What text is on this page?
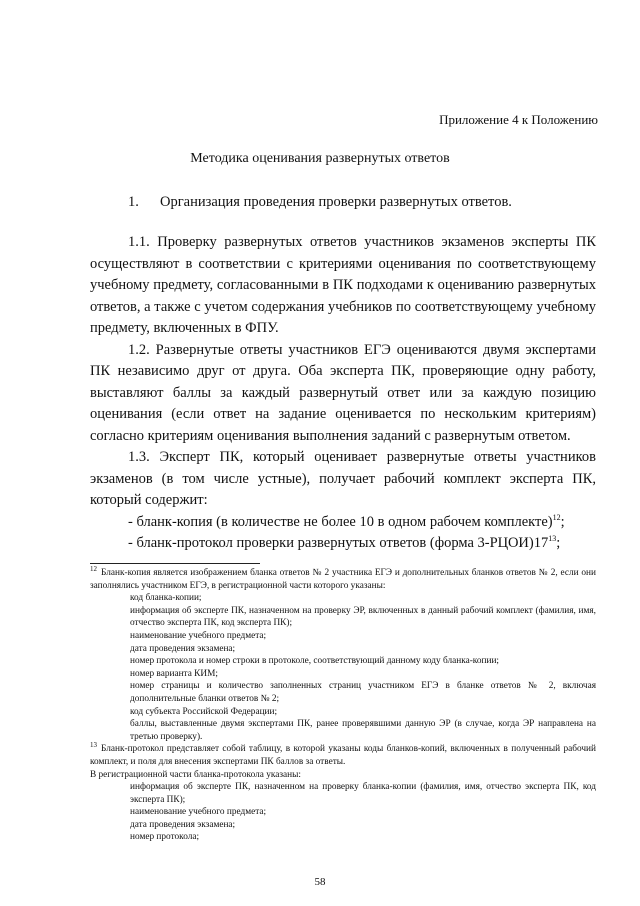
Приложение 4 к Положению
Методика оценивания развернутых ответов
1. Организация проведения проверки развернутых ответов.

1.1. Проверку развернутых ответов участников экзаменов эксперты ПК осуществляют в соответствии с критериями оценивания по соответствующему учебному предмету, согласованными в ПК подходами к оцениванию развернутых ответов, а также с учетом содержания учебников по соответствующему учебному предмету, включенных в ФПУ.

1.2. Развернутые ответы участников ЕГЭ оцениваются двумя экспертами ПК независимо друг от друга. Оба эксперта ПК, проверяющие одну работу, выставляют баллы за каждый развернутый ответ или за каждую позицию оценивания (если ответ на задание оценивается по нескольким критериям) согласно критериям оценивания выполнения заданий с развернутым ответом.

1.3. Эксперт ПК, который оценивает развернутые ответы участников экзаменов (в том числе устные), получает рабочий комплект эксперта ПК, который содержит:

- бланк-копия (в количестве не более 10 в одном рабочем комплекте)$^{12}$;

- бланк-протокол проверки развернутых ответов (форма $3-РЦОИ)17^{13}$;

$^{12}$ Бланк-копия является изображением бланка ответов № 2 участника ЕГЭ и дополнительных бланков ответов № 2, если они заполнялись участником ЕГЭ, в регистрационной части которого указаны:

код бланка-копии;

информация об эксперте ПК, назначенном на проверку ЭР, включенных в данный рабочий комплект (фамилия, имя, отчество эксперта ПК, код эксперта ПК);

наименование учебного предмета;

дата проведения экзамена;

номер протокола и номер строки в протоколе, соответствующий данному коду бланка-копии;

номер варианта КИМ;

номер страницы и количество заполненных страниц участником ЕГЭ в бланке ответов № 2, включая дополнительные бланки ответов № 2;

код субъекта Российской Федерации;

баллы, выставленные двумя экспертами ПК, ранее проверявшими данную ЭР (в случае, когда ЭР направлена на третью проверку).

$^{13}$ Бланк-протокол представляет собой таблицу, в которой указаны коды бланков-копий, включенных в полученный рабочий комплект, и поля для внесения экспертами ПК баллов за ответы.

В регистрационной части бланка-протокола указаны:

информация об эксперте ПК, назначенном на проверку бланка-копии (фамилия, имя, отчество эксперта ПК, код эксперта ПК);

наименование учебного предмета;

дата проведения экзамена;

номер протокола;

58
